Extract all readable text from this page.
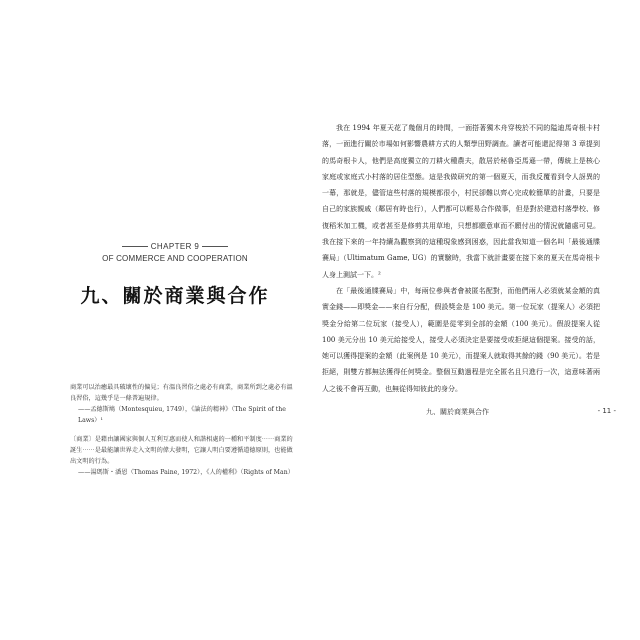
CHAPTER 9

OF COMMERCE AND COOPERATION

九、關於商業與合作

商業可以治癒最具破壞性的偏見；有溫良習俗之處必有商業，商業所到之處必有溫良習俗，這幾乎是一條普遍規律。

——孟德斯鳩（Montesquieu, 1749），《論法的精神》（The Spirit of the Laws）¹

〔商業〕是藉由讓國家與個人互利互惠而使人和諧相處的一種和平制度⋯⋯商業的誕生⋯⋯是最能讓世界走入文明的偉大發明，它讓人明白要遵循道德原則，也能做出文明的行為。

——湯瑪斯・潘恩（Thomas Paine, 1972），《人的權利》（Rights of Man）

我在 1994 年夏天花了幾個月的時間，一面搭著獨木舟穿梭於不同的隘迪馬奇根卡村落，一面進行關於市場如何影響農耕方式的人類學田野調查。讀者可能還記得第 3 章提到的馬奇根卡人，他們是高度獨立的刀耕火種農夫，散居於秘魯亞馬遜一帶，傳統上是核心家庭或家庭式小村落的居住型態。這是我做研究的第一個夏天，而我反覆看到令人訝異的一幕，那就是，儘管這些村落的規模都很小，村民卻難以齊心完成較簡單的計畫，只要是自己的家族親戚（鄰居有時也行），人們都可以輕易合作做事，但是對於建造村落學校、修復稻米加工機，或者甚至是修剪共用草地，只想都願意車而不願付出的情況就隨處可見。我在接下來的一年持續為觀察到的這種現象感到困惑，因此當我知道一個名叫「最後通牒賽局」（Ultimatum Game, UG）的實驗時，我當下就計畫要在接下來的夏天在馬奇根卡人身上測試一下。²

在「最後通牒賽局」中，每兩位參與者會被匿名配對，而他們兩人必須就某金額的真實金錢——即獎金——來自行分配，假設獎金是 100 美元。第一位玩家（提案人）必須把獎金分給第二位玩家（接受人），範圍是從零到全部的金額（100 美元）。假設提案人從 100 美元分出 10 美元給接受人，接受人必須決定是要接受或拒絕這個提案。接受的話，她可以獲得提案的金額（此案例是 10 美元），而提案人就取得其餘的錢（90 美元）。若是拒絕，則雙方都無法獲得任何獎金。整個互動過程是完全匿名且只進行一次，這意味著兩人之後不會再互動，也無從得知彼此的身分。

九、關於商業與合作	- 11 -
